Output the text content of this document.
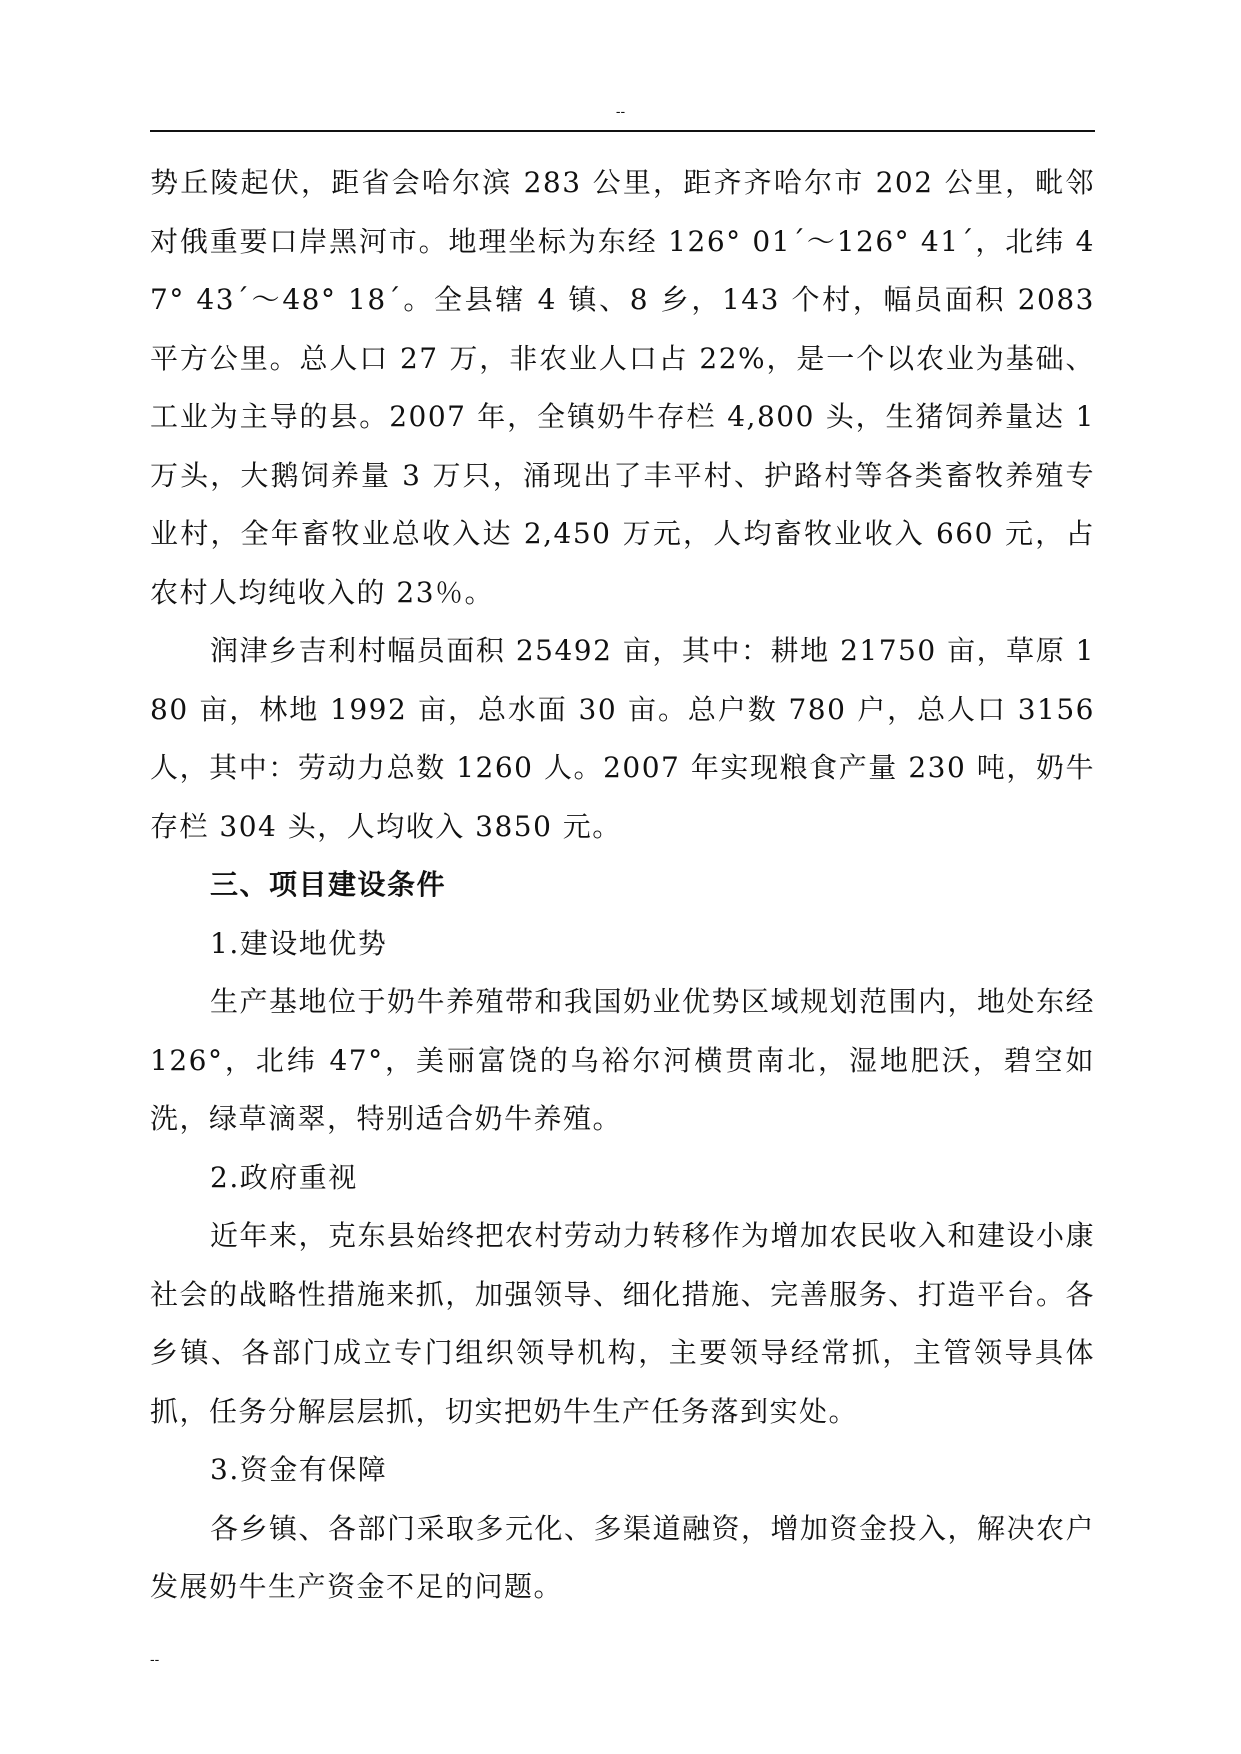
--

势丘陵起伏，距省会哈尔滨 283 公里，距齐齐哈尔市 202 公里，毗邻对俄重要口岸黑河市。地理坐标为东经 126° 01´～126° 41´，北纬 47° 43´～48° 18´。全县辖 4 镇、8 乡，143 个村，幅员面积 2083 平方公里。总人口 27 万，非农业人口占 22%，是一个以农业为基础、工业为主导的县。2007 年，全镇奶牛存栏 4,800 头，生猪饲养量达 1 万头，大鹅饲养量 3 万只，涌现出了丰平村、护路村等各类畜牧养殖专业村，全年畜牧业总收入达 2,450 万元，人均畜牧业收入 660 元，占农村人均纯收入的 23％。

润津乡吉利村幅员面积 25492 亩，其中：耕地 21750 亩，草原 180 亩，林地 1992 亩，总水面 30 亩。总户数 780 户，总人口 3156 人，其中：劳动力总数 1260 人。2007 年实现粮食产量 230 吨，奶牛存栏 304 头，人均收入 3850 元。

三、项目建设条件

1.建设地优势

生产基地位于奶牛养殖带和我国奶业优势区域规划范围内，地处东经 126°，北纬 47°，美丽富饶的乌裕尔河横贯南北，湿地肥沃，碧空如洗，绿草滴翠，特别适合奶牛养殖。

2.政府重视

近年来，克东县始终把农村劳动力转移作为增加农民收入和建设小康社会的战略性措施来抓，加强领导、细化措施、完善服务、打造平台。各乡镇、各部门成立专门组织领导机构，主要领导经常抓，主管领导具体抓，任务分解层层抓，切实把奶牛生产任务落到实处。

3.资金有保障

各乡镇、各部门采取多元化、多渠道融资，增加资金投入，解决农户发展奶牛生产资金不足的问题。

--
